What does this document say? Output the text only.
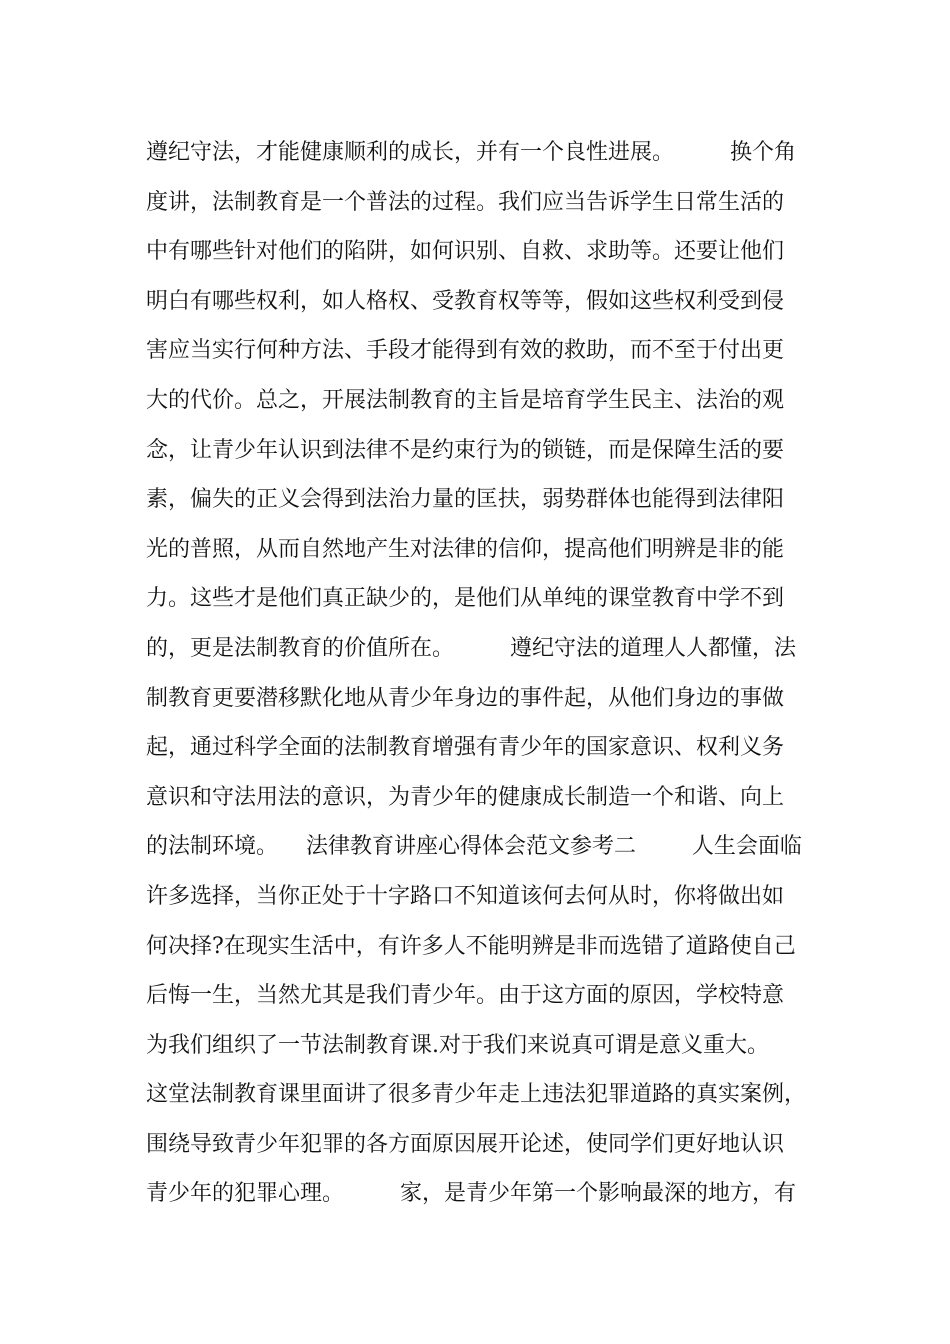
遵纪守法，才能健康顺利的成长，并有一个良性进展。        换个角
度讲，法制教育是一个普法的过程。我们应当告诉学生日常生活的
中有哪些针对他们的陷阱，如何识别、自救、求助等。还要让他们
明白有哪些权利，如人格权、受教育权等等，假如这些权利受到侵
害应当实行何种方法、手段才能得到有效的救助，而不至于付出更
大的代价。总之，开展法制教育的主旨是培育学生民主、法治的观
念，让青少年认识到法律不是约束行为的锁链，而是保障生活的要
素，偏失的正义会得到法治力量的匡扶，弱势群体也能得到法律阳
光的普照，从而自然地产生对法律的信仰，提高他们明辨是非的能
力。这些才是他们真正缺少的，是他们从单纯的课堂教育中学不到
的，更是法制教育的价值所在。        遵纪守法的道理人人都懂，法
制教育更要潜移默化地从青少年身边的事件起，从他们身边的事做
起，通过科学全面的法制教育增强有青少年的国家意识、权利义务
意识和守法用法的意识，为青少年的健康成长制造一个和谐、向上
的法制环境。    法律教育讲座心得体会范文参考二        人生会面临
许多选择，当你正处于十字路口不知道该何去何从时，你将做出如
何决择?在现实生活中，有许多人不能明辨是非而选错了道路使自己
后悔一生，当然尤其是我们青少年。由于这方面的原因，学校特意
为我们组织了一节法制教育课.对于我们来说真可谓是意义重大。
这堂法制教育课里面讲了很多青少年走上违法犯罪道路的真实案例，
围绕导致青少年犯罪的各方面原因展开论述，使同学们更好地认识
青少年的犯罪心理。        家，是青少年第一个影响最深的地方，有
